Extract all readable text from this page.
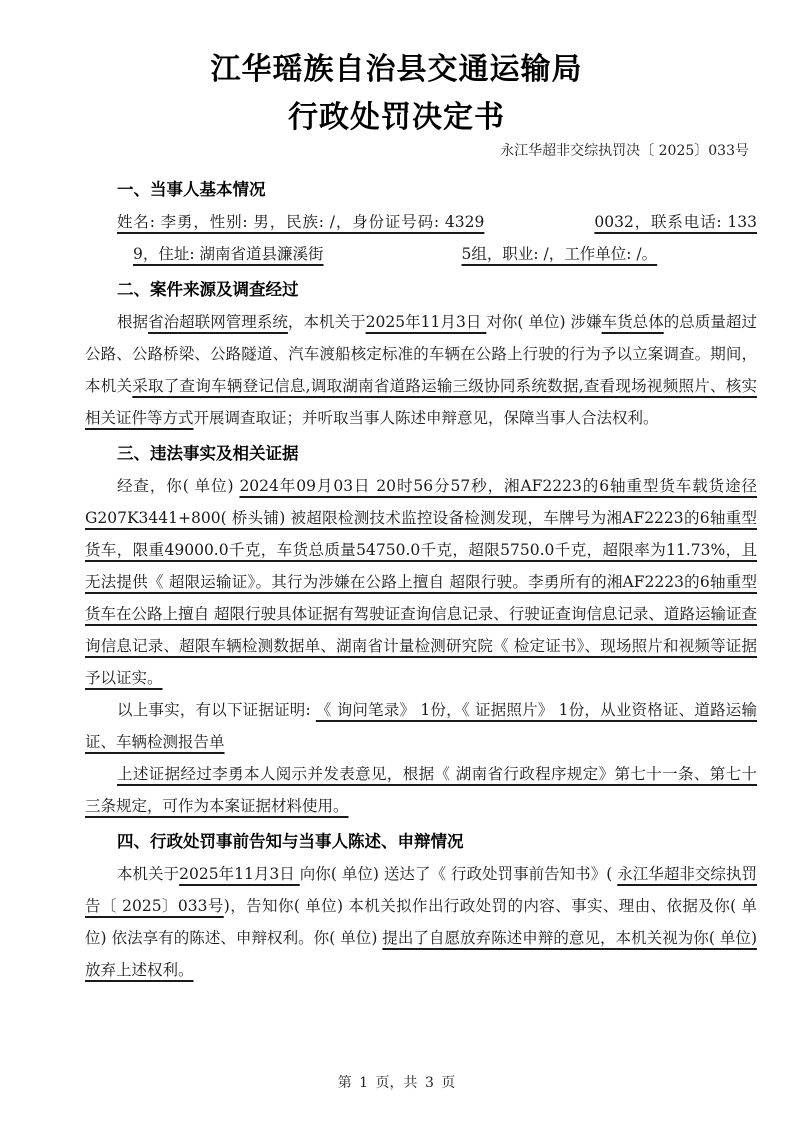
江华瑶族自治县交通运输局
行政处罚决定书
永江华超非交综执罚决〔 2025〕033号
一、当事人基本情况
姓名: 李勇，性别: 男，民族: /，身份证号码: 4329	0032，联系电话: 1339，住址: 湖南省道县濂溪街	5组，职业: /，工作单位: /。
二、案件来源及调查经过
根据省治超联网管理系统，本机关于2025年11月3日 对你( 单位) 涉嫌车货总体的总质量超过公路、公路桥梁、公路隧道、汽车渡船核定标准的车辆在公路上行驶的行为予以立案调查。期间，本机关采取了查询车辆登记信息,调取湖南省道路运输三级协同系统数据,查看现场视频照片、核实相关证件等方式开展调查取证；并听取当事人陈述申辩意见，保障当事人合法权利。
三、违法事实及相关证据
经查，你( 单位) 2024年09月03日 20时56分57秒，湘AF2223的6轴重型货车载货途径G207K3441+800( 桥头铺) 被超限检测技术监控设备检测发现，车牌号为湘AF2223的6轴重型货车，限重49000.0千克，车货总质量54750.0千克，超限5750.0千克，超限率为11.73%，且无法提供《 超限运输证》。其行为涉嫌在公路上擅自 超限行驶。李勇所有的湘AF2223的6轴重型货车在公路上擅自 超限行驶具体证据有驾驶证查询信息记录、行驶证查询信息记录、道路运输证查询信息记录、超限车辆检测数据单、湖南省计量检测研究院《 检定证书》、现场照片和视频等证据予以证实。
以上事实，有以下证据证明: 《 询问笔录》 1份，《 证据照片》 1份，从业资格证、道路运输证、车辆检测报告单
上述证据经过李勇本人阅示并发表意见，根据《 湖南省行政程序规定》第七十一条、第七十三条规定，可作为本案证据材料使用。
四、行政处罚事前告知与当事人陈述、申辩情况
本机关于2025年11月3日 向你( 单位) 送达了《 行政处罚事前告知书》( 永江华超非交综执罚告〔 2025〕033号)，告知你( 单位) 本机关拟作出行政处罚的内容、事实、理由、依据及你( 单位) 依法享有的陈述、申辩权利。你( 单位) 提出了自愿放弃陈述申辩的意见，本机关视为你( 单位) 放弃上述权利。
第 1 页，共 3 页
